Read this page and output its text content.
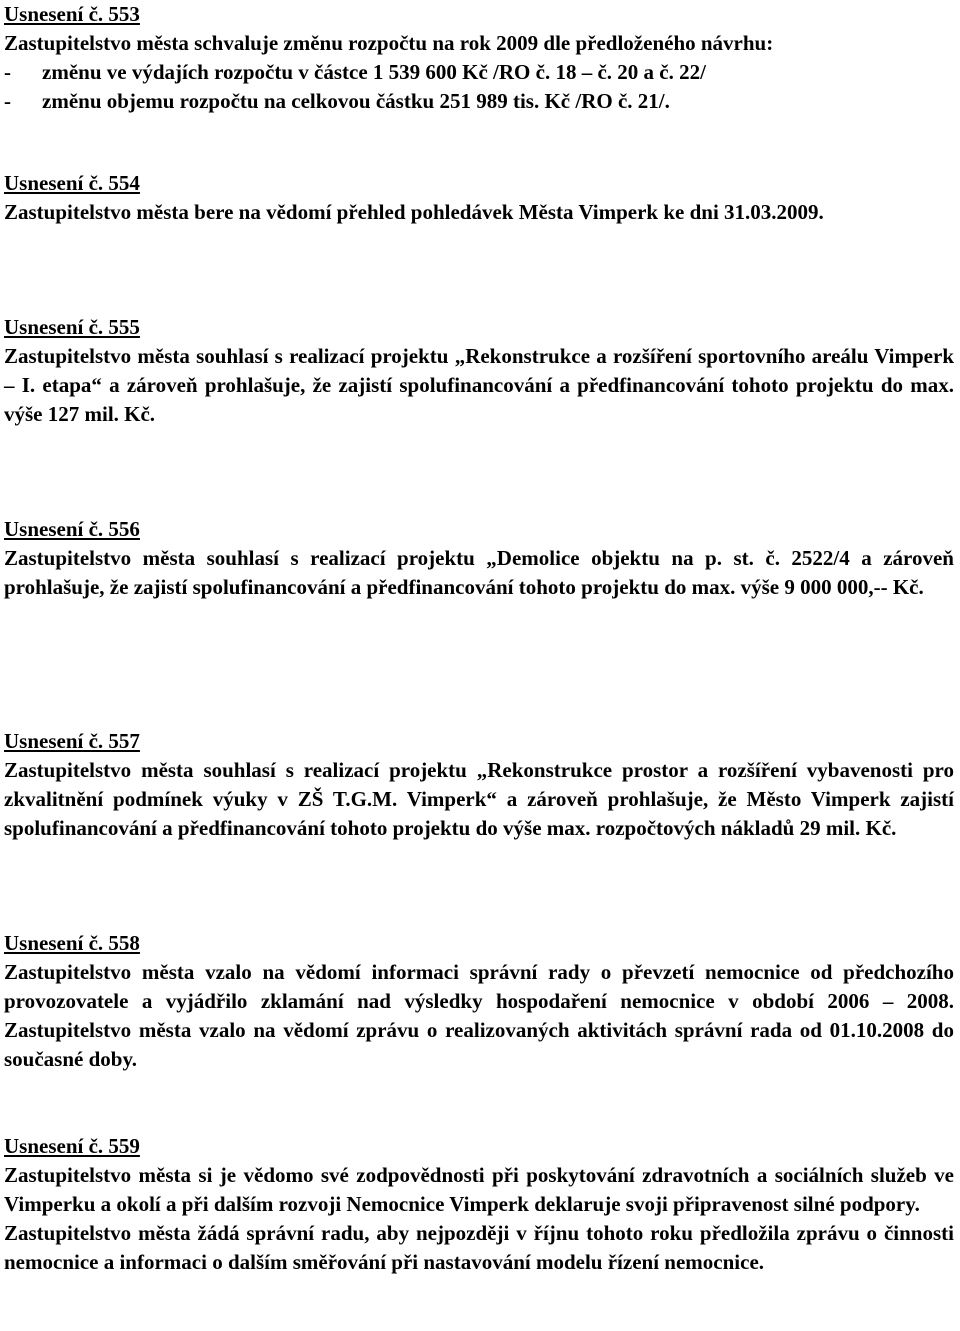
Usnesení č. 553

Zastupitelstvo města schvaluje změnu rozpočtu na rok 2009 dle předloženého návrhu:

- změnu ve výdajích rozpočtu v částce 1 539 600 Kč /RO č. 18 – č. 20 a č. 22/

- změnu objemu rozpočtu na celkovou částku 251 989 tis. Kč /RO č. 21/.

Usnesení č. 554

Zastupitelstvo města bere na vědomí přehled pohledávek Města Vimperk ke dni 31.03.2009.

Usnesení č. 555

Zastupitelstvo města souhlasí s realizací projektu „Rekonstrukce a rozšíření sportovního areálu Vimperk – I. etapa“ a zároveň prohlašuje, že zajistí spolufinancování a předfinancování tohoto projektu do max. výše 127 mil. Kč.

Usnesení č. 556

Zastupitelstvo města souhlasí s realizací projektu „Demolice objektu na p. st. č. 2522/4 a zároveň prohlašuje, že zajistí spolufinancování a předfinancování tohoto projektu do max. výše 9 000 000,-- Kč.

Usnesení č. 557

Zastupitelstvo města souhlasí s realizací projektu „Rekonstrukce prostor a rozšíření vybavenosti pro zkvalitnění podmínek výuky v ZŠ T.G.M. Vimperk“ a zároveň prohlašuje, že Město Vimperk zajistí spolufinancování a předfinancování tohoto projektu do výše max. rozpočtových nákladů 29 mil. Kč.

Usnesení č. 558

Zastupitelstvo města vzalo na vědomí informaci správní rady o převzetí nemocnice od předchozího provozovatele a vyjádřilo zklamání nad výsledky hospodaření nemocnice v období 2006 – 2008. Zastupitelstvo města vzalo na vědomí zprávu o realizovaných aktivitách správní rada od 01.10.2008 do současné doby.

Usnesení č. 559

Zastupitelstvo města si je vědomo své zodpovědnosti při poskytování zdravotních a sociálních služeb ve Vimperku a okolí a při dalším rozvoji Nemocnice Vimperk deklaruje svoji připravenost silné podpory.

Zastupitelstvo města žádá správní radu, aby nejpozději v říjnu tohoto roku předložila zprávu o činnosti nemocnice a informaci o dalším směřování při nastavování modelu řízení nemocnice.
